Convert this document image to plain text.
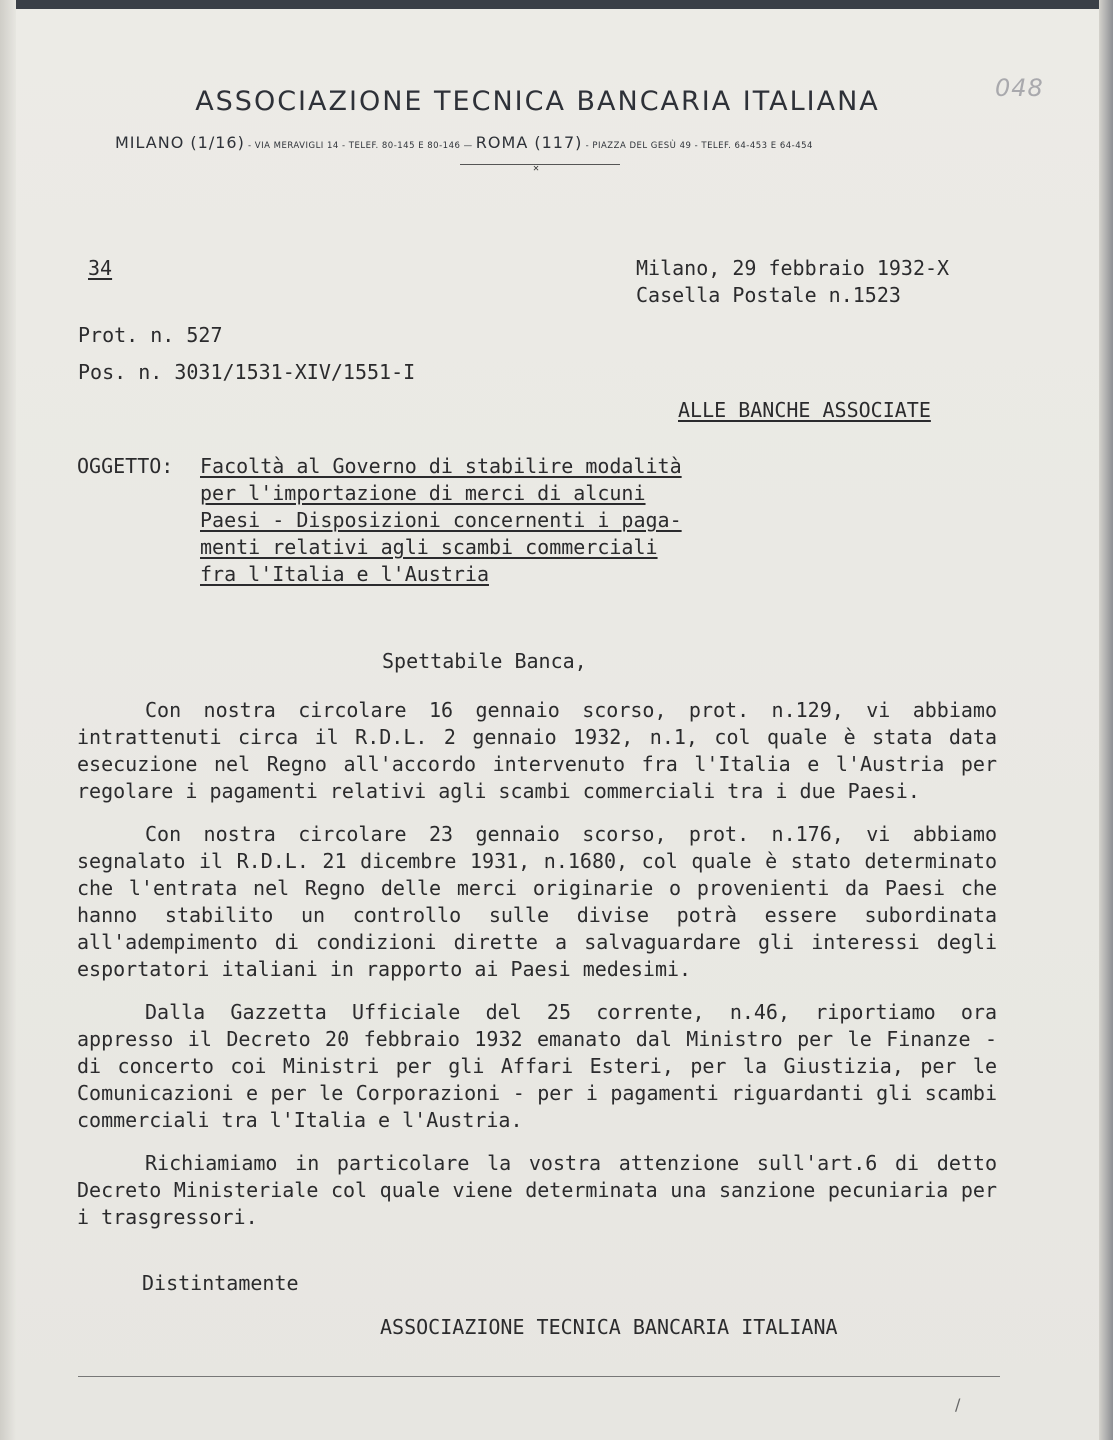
ASSOCIAZIONE TECNICA BANCARIA ITALIANA
MILANO (1/16) - VIA MERAVIGLI 14 - TELEF. 80-145 E 80-146 — ROMA (117) - PIAZZA DEL GESÙ 49 - TELEF. 64-453 E 64-454
✕
048
34	Milano, 29 febbraio 1932-X
Casella Postale n.1523
Prot. n. 527
Pos. n. 3031/1531-XIV/1551-I
ALLE BANCHE ASSOCIATE
OGGETTO: Facoltà al Governo di stabilire modalità
per l'importazione di merci di alcuni
Paesi - Disposizioni concernenti i paga-
menti relativi agli scambi commerciali
fra l'Italia e l'Austria
Spettabile Banca,

Con nostra circolare 16 gennaio scorso, prot. n.129, vi abbiamo intrattenuti circa il R.D.L. 2 gennaio 1932, n.1, col quale è stata data esecuzione nel Regno all'accordo intervenuto fra l'Italia e l'Austria per regolare i pagamenti relativi agli scambi commerciali tra i due Paesi.

Con nostra circolare 23 gennaio scorso, prot. n.176, vi abbiamo segnalato il R.D.L. 21 dicembre 1931, n.1680, col quale è stato determinato che l'entrata nel Regno delle merci originarie o provenienti da Paesi che hanno stabilito un controllo sulle divise potrà essere subordinata all'adempimento di condizioni dirette a salvaguardare gli interessi degli esportatori italiani in rapporto ai Paesi medesimi.

Dalla Gazzetta Ufficiale del 25 corrente, n.46, riportiamo ora appresso il Decreto 20 febbraio 1932 emanato dal Ministro per le Finanze - di concerto coi Ministri per gli Affari Esteri, per la Giustizia, per le Comunicazioni e per le Corporazioni - per i pagamenti riguardanti gli scambi commerciali tra l'Italia e l'Austria.

Richiamiamo in particolare la vostra attenzione sull'art.6 di detto Decreto Ministeriale col quale viene determinata una sanzione pecuniaria per i trasgressori.

Distintamente
ASSOCIAZIONE TECNICA BANCARIA ITALIANA
/
